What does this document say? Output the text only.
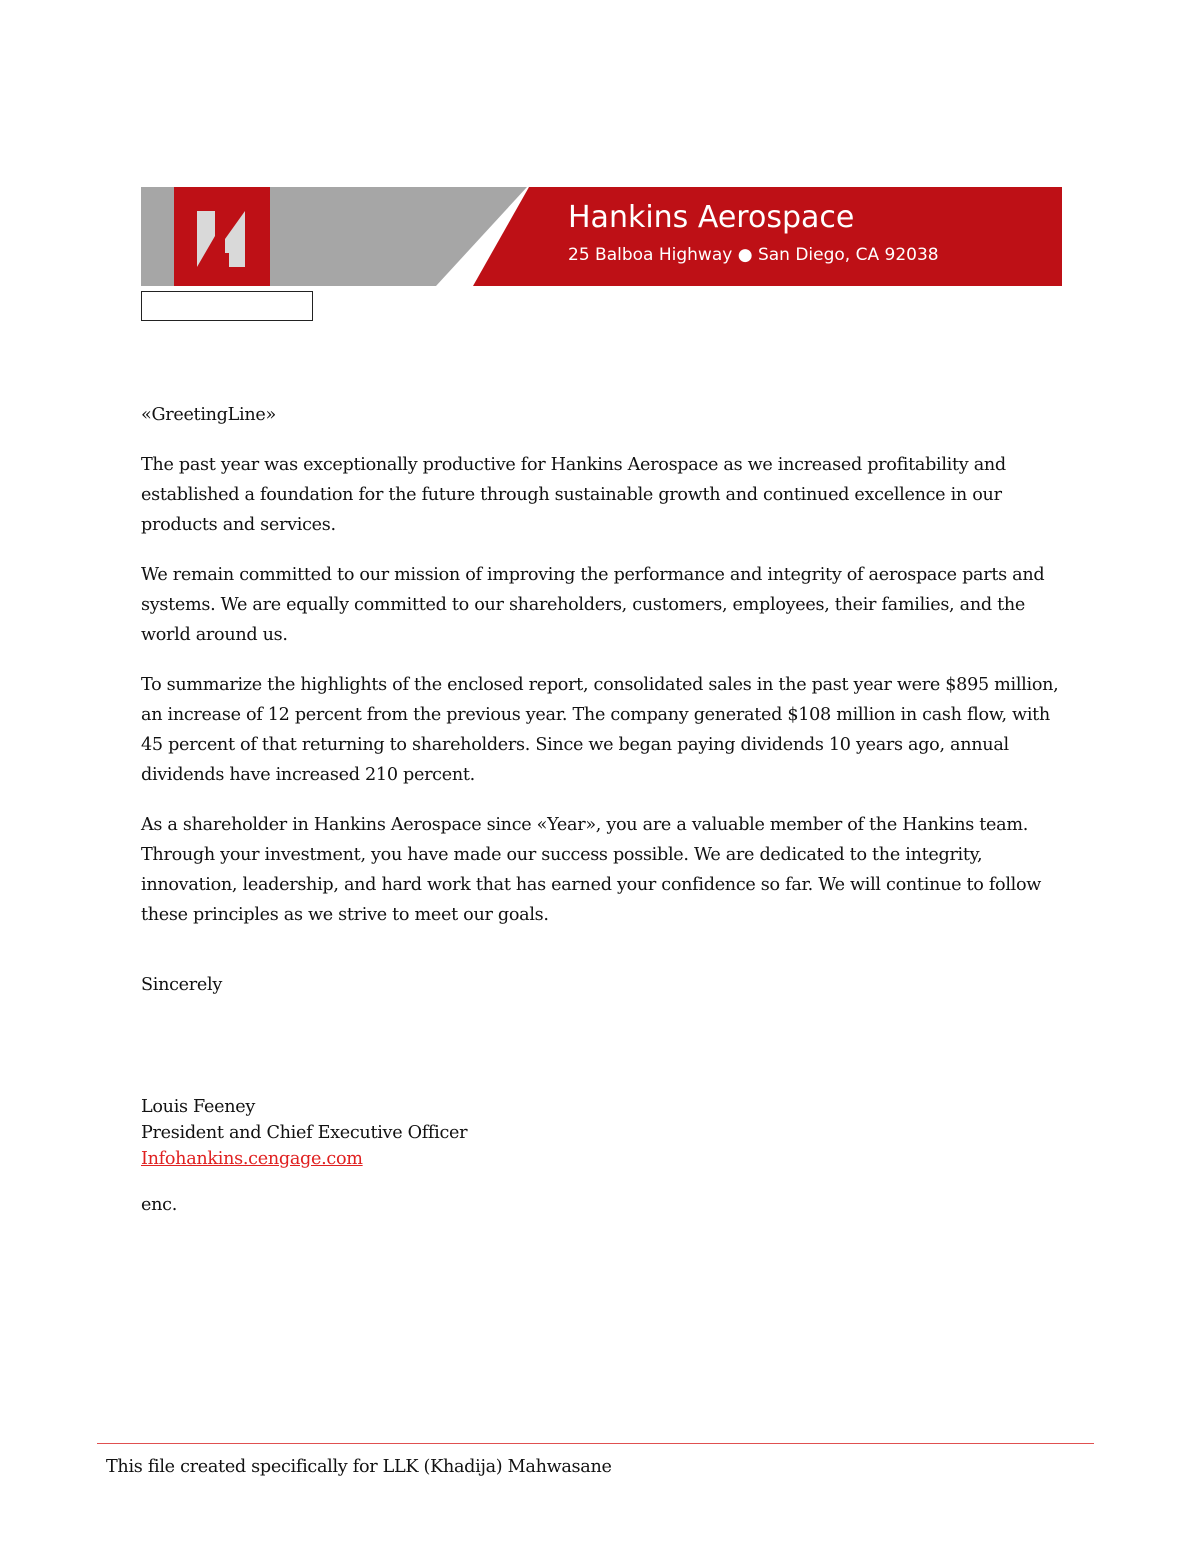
Hankins Aerospace
25 Balboa Highway ● San Diego, CA 92038

«GreetingLine»

The past year was exceptionally productive for Hankins Aerospace as we increased profitability and established a foundation for the future through sustainable growth and continued excellence in our products and services.

We remain committed to our mission of improving the performance and integrity of aerospace parts and systems. We are equally committed to our shareholders, customers, employees, their families, and the world around us.

To summarize the highlights of the enclosed report, consolidated sales in the past year were $895 million, an increase of 12 percent from the previous year. The company generated $108 million in cash flow, with 45 percent of that returning to shareholders. Since we began paying dividends 10 years ago, annual dividends have increased 210 percent.

As a shareholder in Hankins Aerospace since «Year», you are a valuable member of the Hankins team. Through your investment, you have made our success possible. We are dedicated to the integrity, innovation, leadership, and hard work that has earned your confidence so far. We will continue to follow these principles as we strive to meet our goals.

Sincerely
Louis Feeney
President and Chief Executive Officer
Infohankins.cengage.com
enc.
This file created specifically for LLK (Khadija) Mahwasane
